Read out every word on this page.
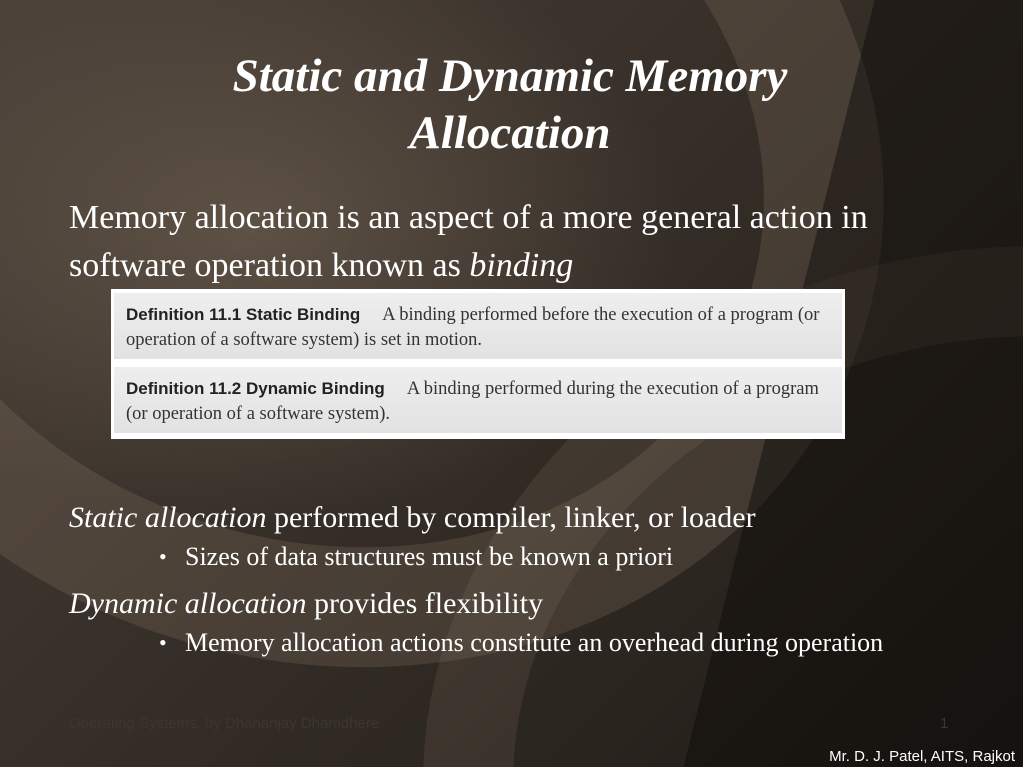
Static and Dynamic Memory
Allocation
Memory allocation is an aspect of a more general action in software operation known as binding
Definition 11.1 Static Binding A binding performed before the execution of a program (or operation of a software system) is set in motion.
Definition 11.2 Dynamic Binding A binding performed during the execution of a program (or operation of a software system).
Static allocation performed by compiler, linker, or loader
• Sizes of data structures must be known a priori
Dynamic allocation provides flexibility
• Memory allocation actions constitute an overhead during operation
Operating Systems, by Dhananjay Dhamdhere	1
Mr. D. J. Patel, AITS, Rajkot
